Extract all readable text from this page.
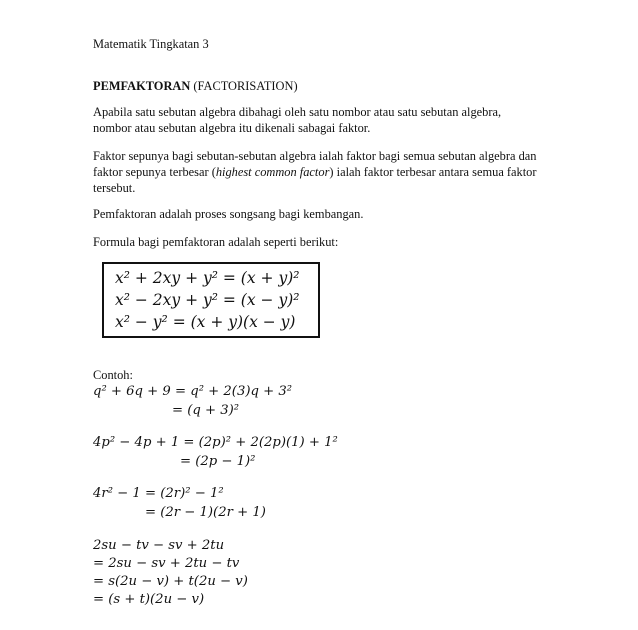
Matematik Tingkatan 3
PEMFAKTORAN (FACTORISATION)
Apabila satu sebutan algebra dibahagi oleh satu nombor atau satu sebutan algebra,
nombor atau sebutan algebra itu dikenali sabagai faktor.
Faktor sepunya bagi sebutan-sebutan algebra ialah faktor bagi semua sebutan algebra dan
faktor sepunya terbesar (highest common factor) ialah faktor terbesar antara semua faktor
tersebut.
Pemfaktoran adalah proses songsang bagi kembangan.
Formula bagi pemfaktoran adalah seperti berikut:
x² + 2xy + y² = (x + y)²
x² − 2xy + y² = (x − y)²
x² − y² = (x + y)(x − y)
Contoh:
q² + 6q + 9 = q² + 2(3)q + 3²
= (q + 3)²
4p² − 4p + 1 = (2p)² + 2(2p)(1) + 1²
= (2p − 1)²
4r² − 1 = (2r)² − 1²
= (2r − 1)(2r + 1)
2su − tv − sv + 2tu
= 2su − sv + 2tu − tv
= s(2u − v) + t(2u − v)
= (s + t)(2u − v)
